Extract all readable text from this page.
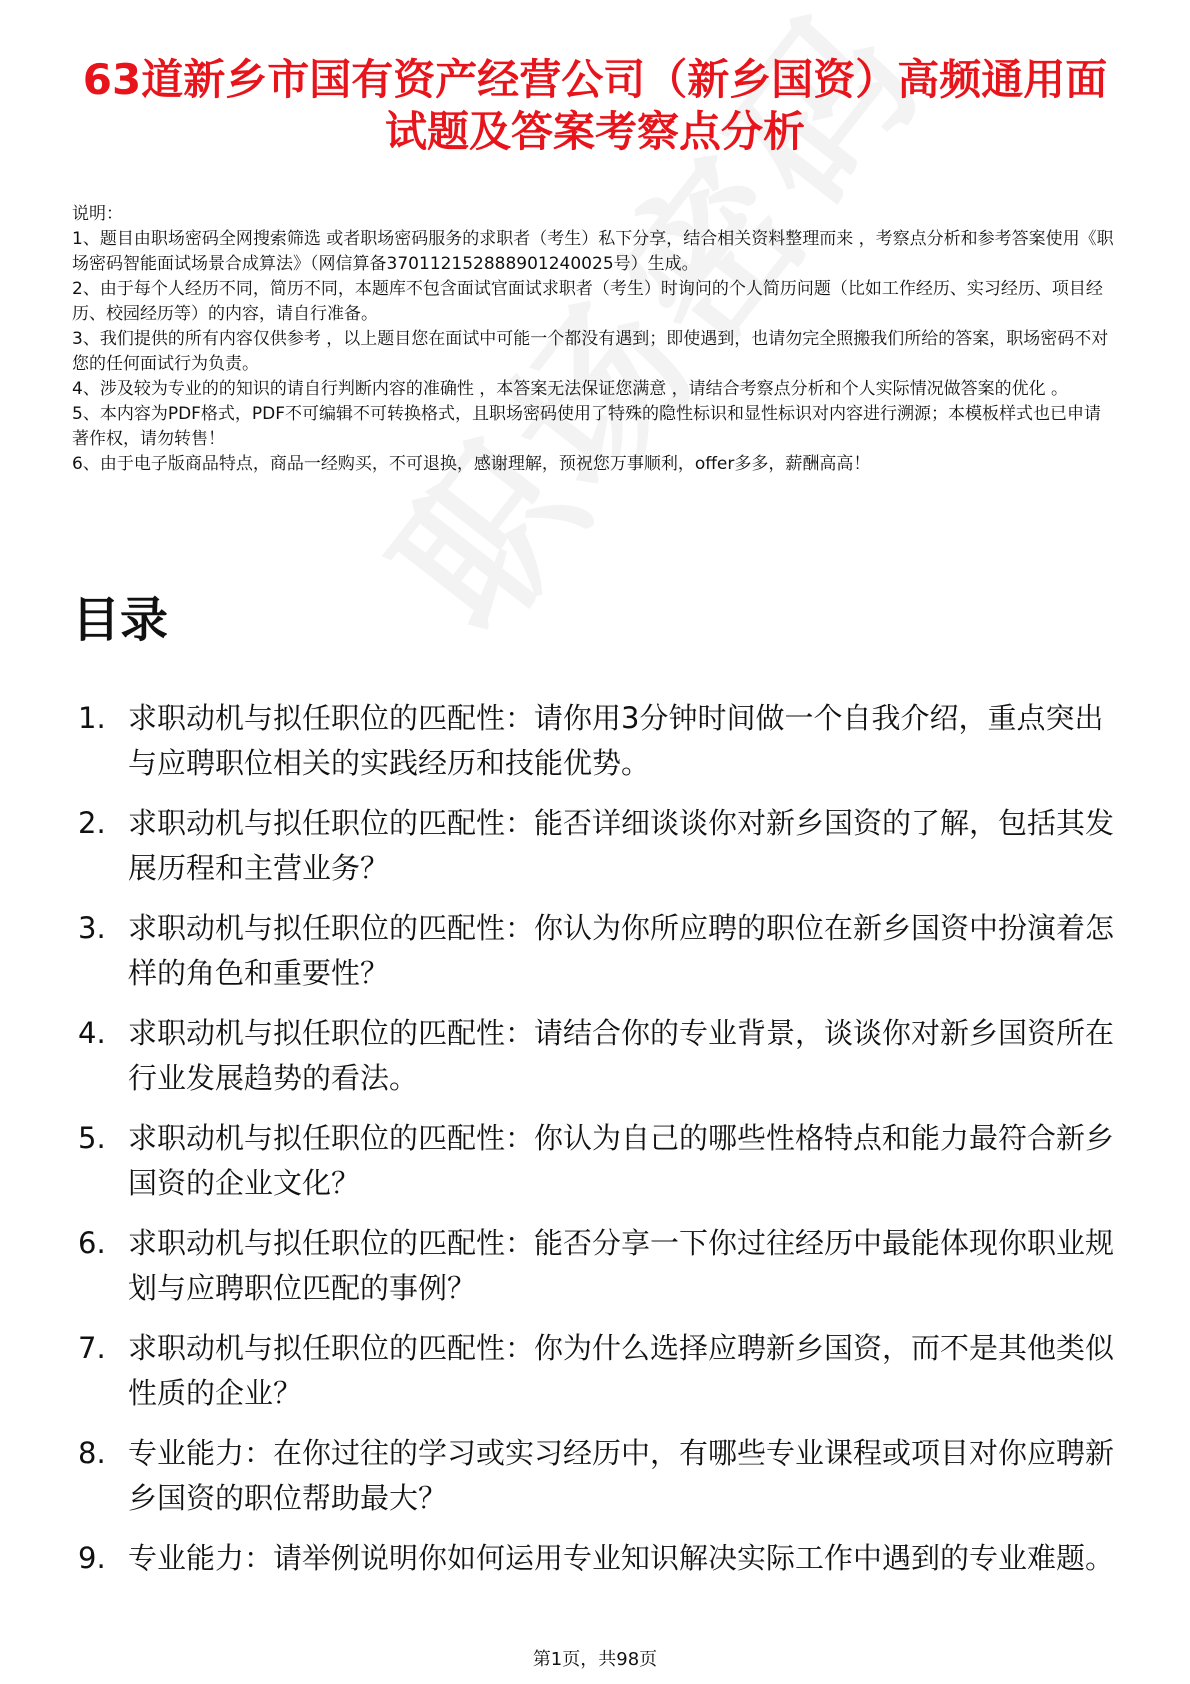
63道新乡市国有资产经营公司（新乡国资）高频通用面试题及答案考察点分析
说明：
1、题目由职场密码全网搜索筛选 或者职场密码服务的求职者（考生）私下分享，结合相关资料整理而来 ，考察点分析和参考答案使用《职场密码智能面试场景合成算法》（网信算备370112152888901240025号）生成。
2、由于每个人经历不同，简历不同，本题库不包含面试官面试求职者（考生）时询问的个人简历问题（比如工作经历、实习经历、项目经历、校园经历等）的内容，请自行准备。
3、我们提供的所有内容仅供参考 ，以上题目您在面试中可能一个都没有遇到；即使遇到，也请勿完全照搬我们所给的答案，职场密码不对您的任何面试行为负责。
4、涉及较为专业的的知识的请自行判断内容的准确性 ，本答案无法保证您满意 ，请结合考察点分析和个人实际情况做答案的优化 。
5、本内容为PDF格式，PDF不可编辑不可转换格式，且职场密码使用了特殊的隐性标识和显性标识对内容进行溯源；本模板样式也已申请著作权，请勿转售！
6、由于电子版商品特点，商品一经购买，不可退换，感谢理解，预祝您万事顺利，offer多多，薪酬高高！
目录
1. 求职动机与拟任职位的匹配性：请你用3分钟时间做一个自我介绍，重点突出与应聘职位相关的实践经历和技能优势。
2. 求职动机与拟任职位的匹配性：能否详细谈谈你对新乡国资的了解，包括其发展历程和主营业务？
3. 求职动机与拟任职位的匹配性：你认为你所应聘的职位在新乡国资中扮演着怎样的角色和重要性？
4. 求职动机与拟任职位的匹配性：请结合你的专业背景，谈谈你对新乡国资所在行业发展趋势的看法。
5. 求职动机与拟任职位的匹配性：你认为自己的哪些性格特点和能力最符合新乡国资的企业文化？
6. 求职动机与拟任职位的匹配性：能否分享一下你过往经历中最能体现你职业规划与应聘职位匹配的事例？
7. 求职动机与拟任职位的匹配性：你为什么选择应聘新乡国资，而不是其他类似性质的企业？
8. 专业能力：在你过往的学习或实习经历中，有哪些专业课程或项目对你应聘新乡国资的职位帮助最大？
9. 专业能力：请举例说明你如何运用专业知识解决实际工作中遇到的专业难题。
第1页，共98页
